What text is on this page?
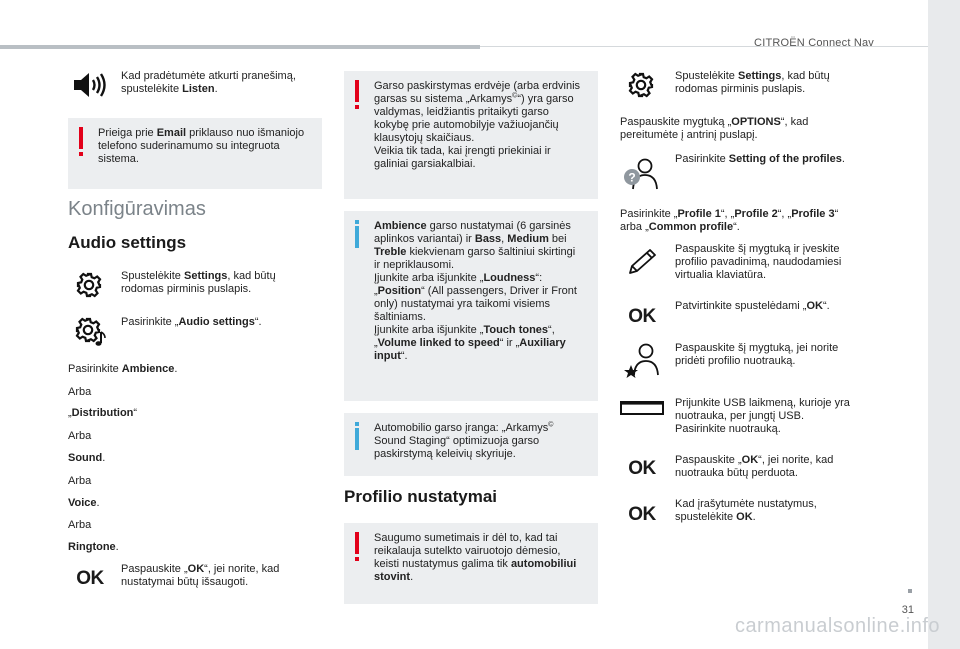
CITROËN Connect Nav
31
carmanualsonline.info
Kad pradėtumėte atkurti pranešimą,
spustelėkite Listen.
Prieiga prie Email priklauso nuo išmaniojo
telefono suderinamumo su integruota
sistema.
Konfigūravimas
Audio settings
Spustelėkite Settings, kad būtų
rodomas pirminis puslapis.
Pasirinkite „Audio settings“.
Pasirinkite Ambience.
Arba
„Distribution“
Arba
Sound.
Arba
Voice.
Arba
Ringtone.
OK	Paspauskite „OK“, jei norite, kad
nustatymai būtų išsaugoti.
Garso paskirstymas erdvėje (arba erdvinis
garsas su sistema „Arkamys©“) yra garso
valdymas, leidžiantis pritaikyti garso
kokybę prie automobilyje važiuojančių
klausytojų skaičiaus.
Veikia tik tada, kai įrengti priekiniai ir
galiniai garsiakalbiai.
Ambience garso nustatymai (6 garsinės
aplinkos variantai) ir Bass, Medium bei
Treble kiekvienam garso šaltiniui skirtingi
ir nepriklausomi.
Įjunkite arba išjunkite „Loudness“:
„Position“ (All passengers, Driver ir Front
only) nustatymai yra taikomi visiems
šaltiniams.
Įjunkite arba išjunkite „Touch tones“,
„Volume linked to speed“ ir „Auxiliary
input“.
Automobilio garso įranga: „Arkamys©
Sound Staging“ optimizuoja garso
paskirstymą keleivių skyriuje.
Profilio nustatymai
Saugumo sumetimais ir dėl to, kad tai
reikalauja sutelkto vairuotojo dėmesio,
keisti nustatymus galima tik automobiliui
stovint.
Spustelėkite Settings, kad būtų
rodomas pirminis puslapis.
Paspauskite mygtuką „OPTIONS“, kad
pereitumėte į antrinį puslapį.
?
Pasirinkite Setting of the profiles.
Pasirinkite „Profile 1“, „Profile 2“, „Profile 3“
arba „Common profile“.
Paspauskite šį mygtuką ir įveskite
profilio pavadinimą, naudodamiesi
virtualia klaviatūra.
OK	Patvirtinkite spustelėdami „OK“.
Paspauskite šį mygtuką, jei norite
pridėti profilio nuotrauką.
Prijunkite USB laikmeną, kurioje yra
nuotrauka, per jungtį USB.
Pasirinkite nuotrauką.
OK	Paspauskite „OK“, jei norite, kad
nuotrauka būtų perduota.
OK	Kad įrašytumėte nustatymus,
spustelėkite OK.
